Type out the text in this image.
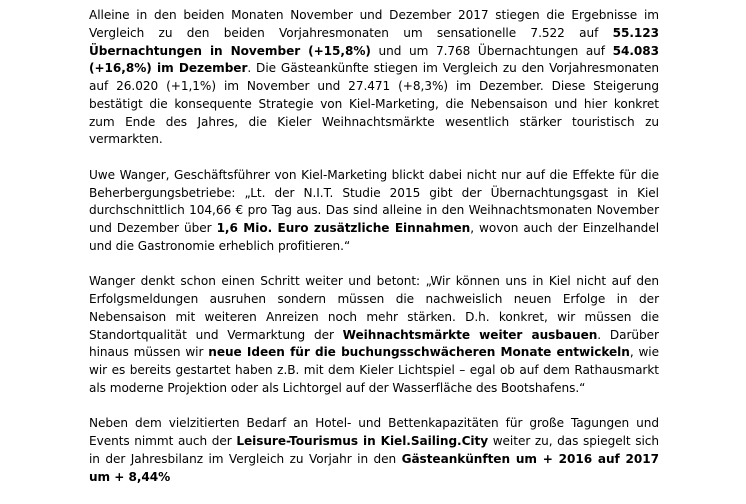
Alleine in den beiden Monaten November und Dezember 2017 stiegen die Ergebnisse im Vergleich zu den beiden Vorjahresmonaten um sensationelle 7.522 auf 55.123 Übernachtungen in November (+15,8%) und um 7.768 Übernachtungen auf 54.083 (+16,8%) im Dezember. Die Gästeankünfte stiegen im Vergleich zu den Vorjahresmonaten auf 26.020 (+1,1%) im November und 27.471 (+8,3%) im Dezember. Diese Steigerung bestätigt die konsequente Strategie von Kiel-Marketing, die Nebensaison und hier konkret zum Ende des Jahres, die Kieler Weihnachtsmärkte wesentlich stärker touristisch zu vermarkten.

Uwe Wanger, Geschäftsführer von Kiel-Marketing blickt dabei nicht nur auf die Effekte für die Beherbergungsbetriebe: „Lt. der N.I.T. Studie 2015 gibt der Übernachtungsgast in Kiel durchschnittlich 104,66 € pro Tag aus. Das sind alleine in den Weihnachtsmonaten November und Dezember über 1,6 Mio. Euro zusätzliche Einnahmen, wovon auch der Einzelhandel und die Gastronomie erheblich profitieren.“

Wanger denkt schon einen Schritt weiter und betont: „Wir können uns in Kiel nicht auf den Erfolgsmeldungen ausruhen sondern müssen die nachweislich neuen Erfolge in der Nebensaison mit weiteren Anreizen noch mehr stärken. D.h. konkret, wir müssen die Standortqualität und Vermarktung der Weihnachtsmärkte weiter ausbauen. Darüber hinaus müssen wir neue Ideen für die buchungsschwächeren Monate entwickeln, wie wir es bereits gestartet haben z.B. mit dem Kieler Lichtspiel – egal ob auf dem Rathausmarkt als moderne Projektion oder als Lichtorgel auf der Wasserfläche des Bootshafens.“

Neben dem vielzitierten Bedarf an Hotel- und Bettenkapazitäten für große Tagungen und Events nimmt auch der Leisure-Tourismus in Kiel.Sailing.City weiter zu, das spiegelt sich in der Jahresbilanz im Vergleich zu Vorjahr in den Gästeankünften um + 2016 auf 2017 um + 8,44%
